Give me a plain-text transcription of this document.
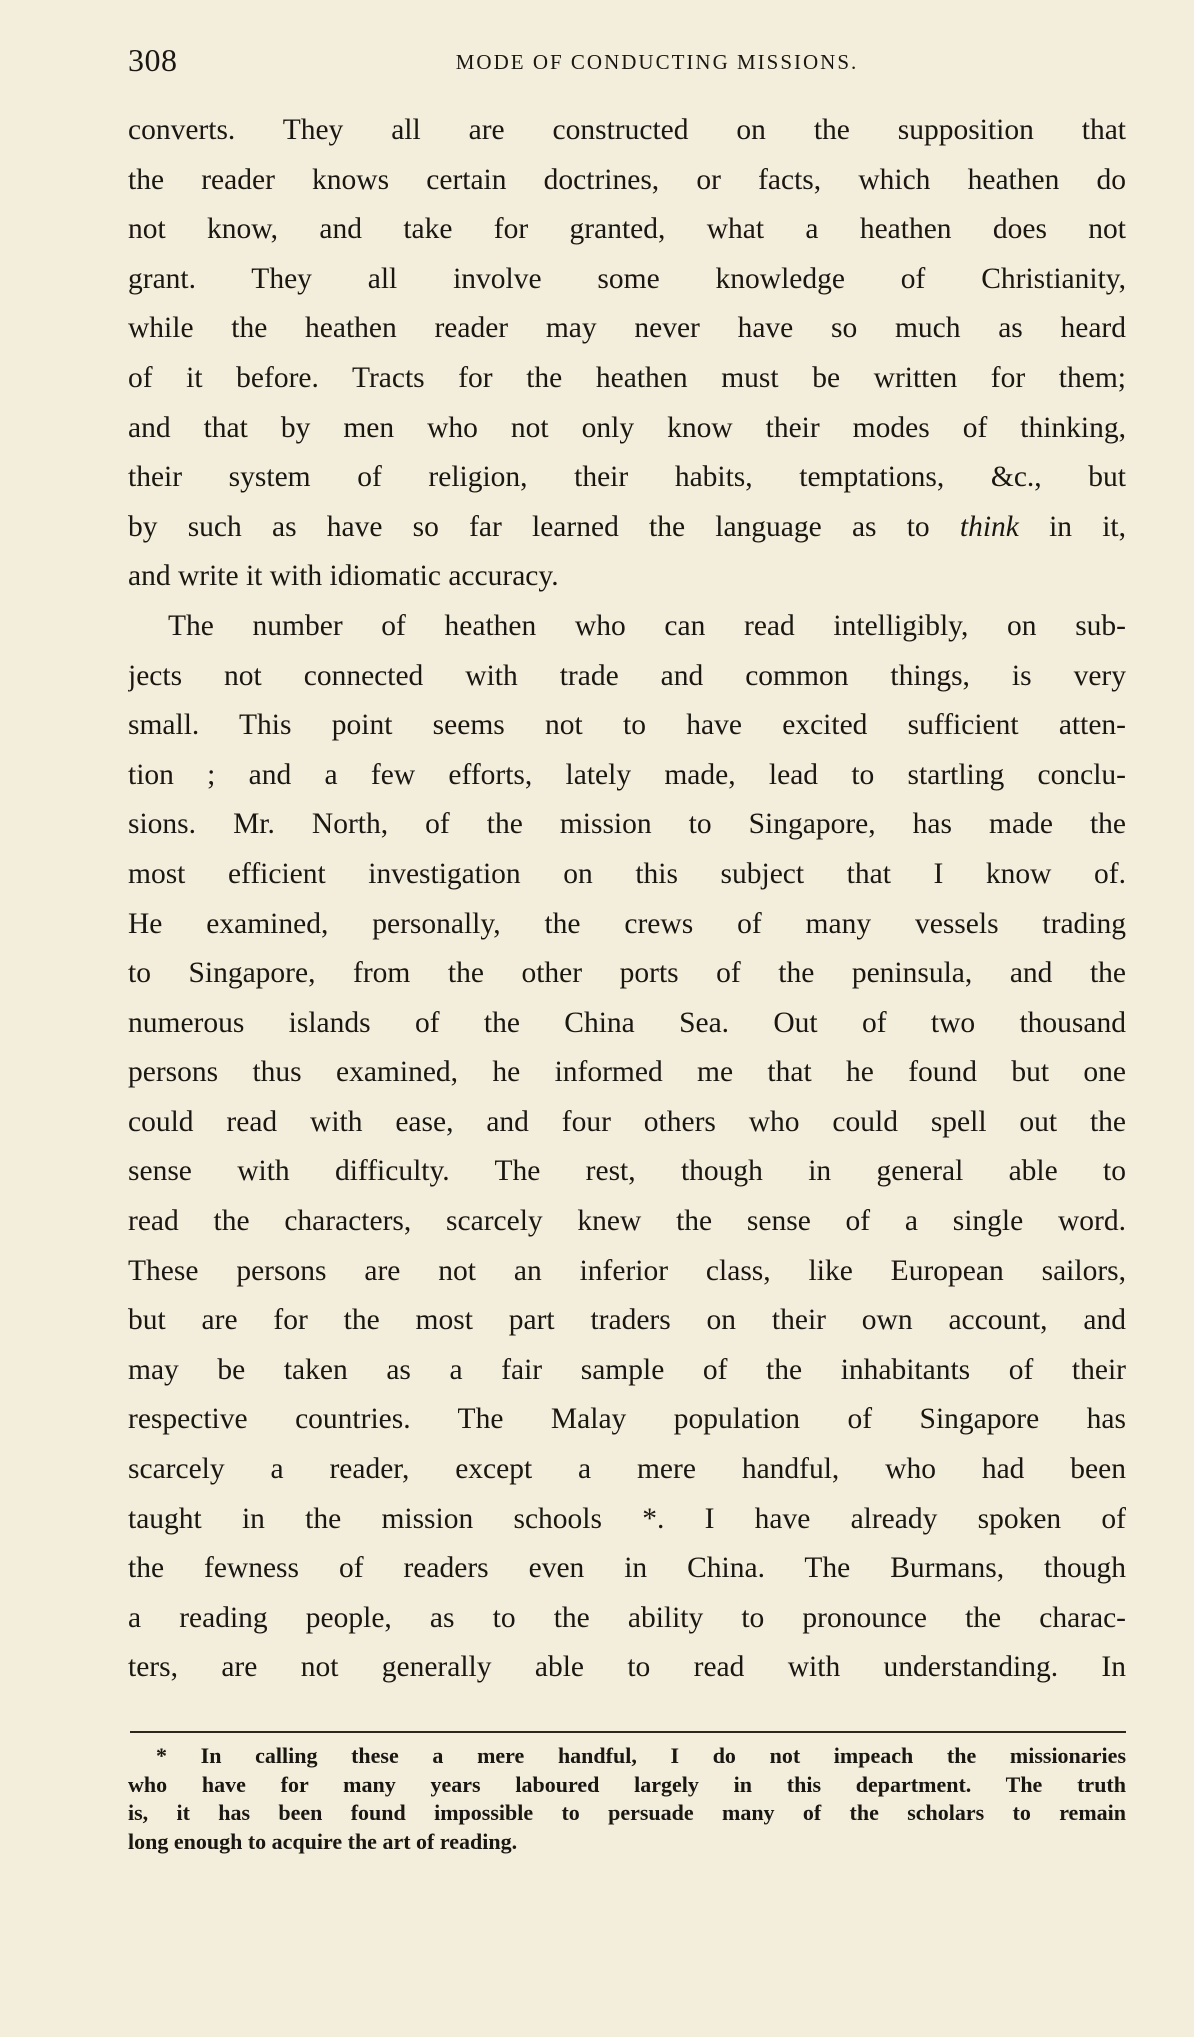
308	MODE OF CONDUCTING MISSIONS.
converts. They all are constructed on the supposition that
the reader knows certain doctrines, or facts, which heathen do
not know, and take for granted, what a heathen does not
grant. They all involve some knowledge of Christianity,
while the heathen reader may never have so much as heard
of it before. Tracts for the heathen must be written for them;
and that by men who not only know their modes of thinking,
their system of religion, their habits, temptations, &c., but
by such as have so far learned the language as to think in it,
and write it with idiomatic accuracy.
The number of heathen who can read intelligibly, on sub-
jects not connected with trade and common things, is very
small. This point seems not to have excited sufficient atten-
tion ; and a few efforts, lately made, lead to startling conclu-
sions. Mr. North, of the mission to Singapore, has made the
most efficient investigation on this subject that I know of.
He examined, personally, the crews of many vessels trading
to Singapore, from the other ports of the peninsula, and the
numerous islands of the China Sea. Out of two thousand
persons thus examined, he informed me that he found but one
could read with ease, and four others who could spell out the
sense with difficulty. The rest, though in general able to
read the characters, scarcely knew the sense of a single word.
These persons are not an inferior class, like European sailors,
but are for the most part traders on their own account, and
may be taken as a fair sample of the inhabitants of their
respective countries. The Malay population of Singapore has
scarcely a reader, except a mere handful, who had been
taught in the mission schools *. I have already spoken of
the fewness of readers even in China. The Burmans, though
a reading people, as to the ability to pronounce the charac-
ters, are not generally able to read with understanding. In
* In calling these a mere handful, I do not impeach the missionaries
who have for many years laboured largely in this department. The truth
is, it has been found impossible to persuade many of the scholars to remain
long enough to acquire the art of reading.
